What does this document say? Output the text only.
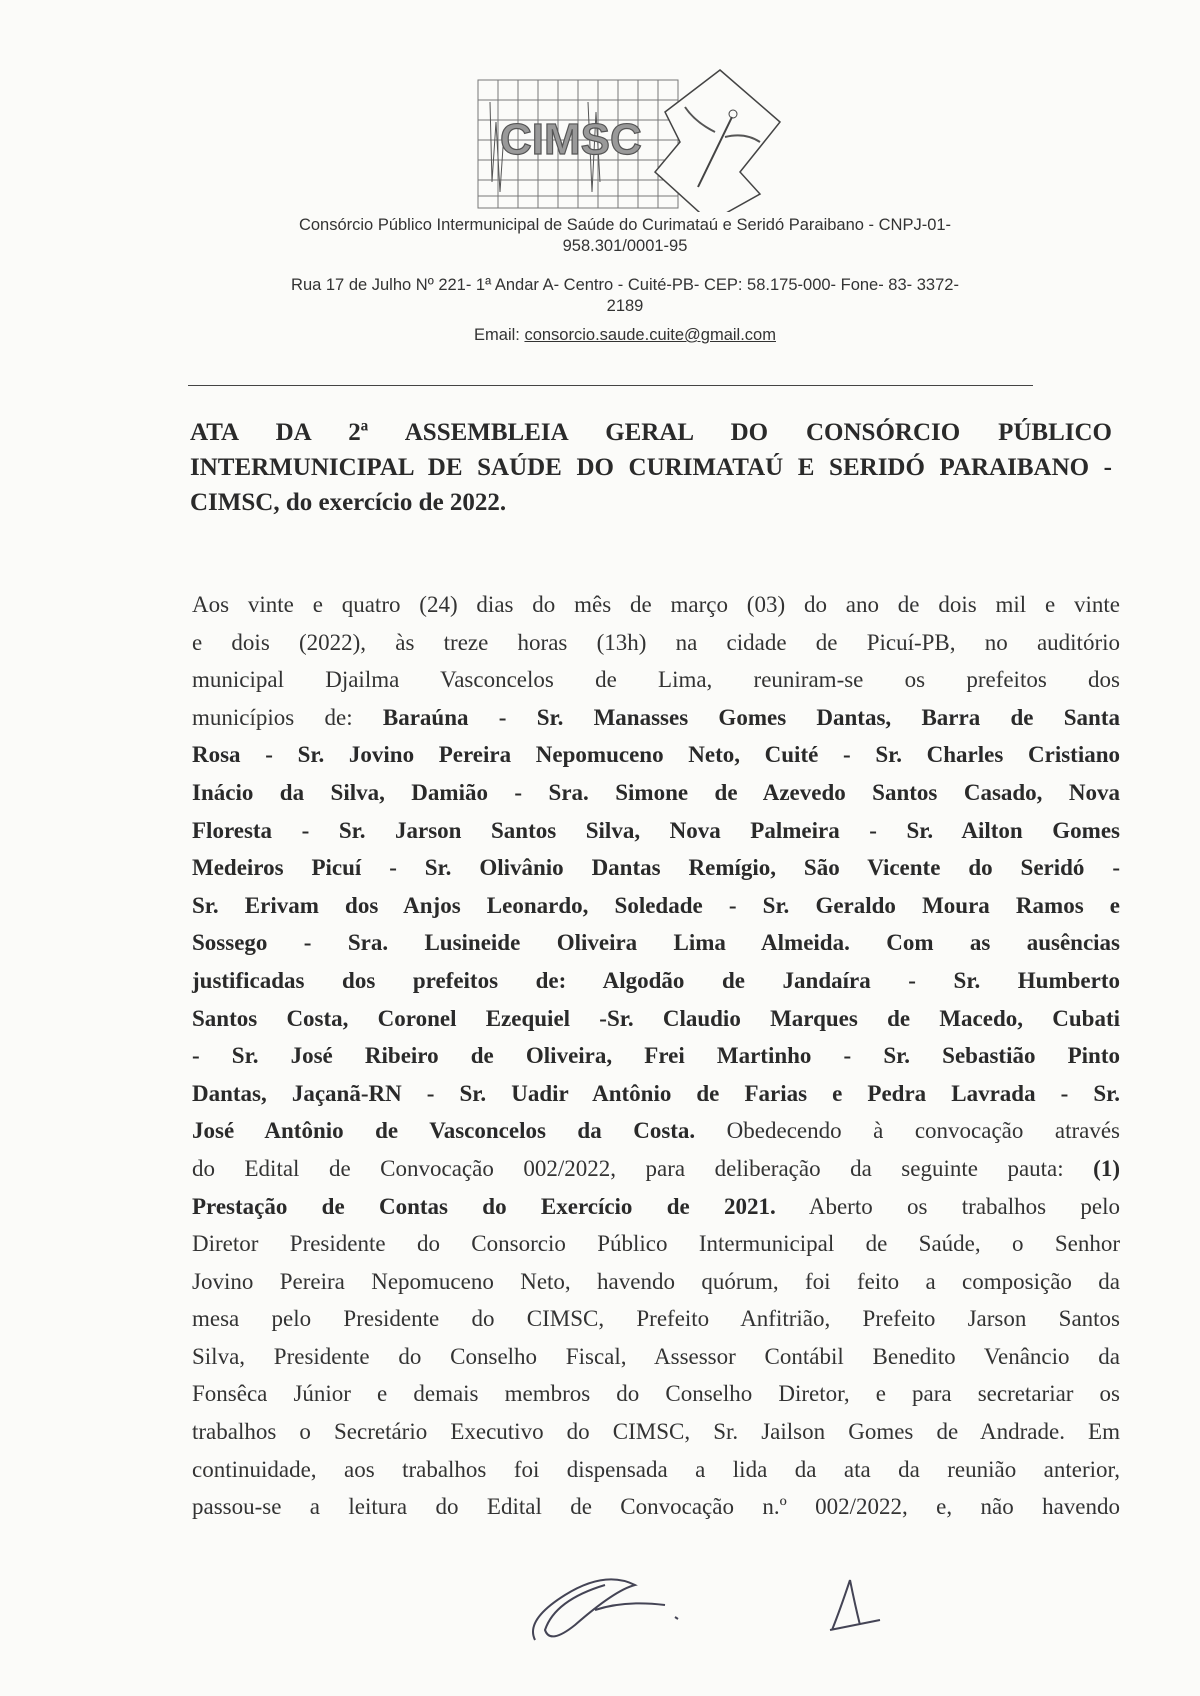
CIMSC
Consórcio Público Intermunicipal de Saúde do Curimataú e Seridó Paraibano - CNPJ-01-
958.301/0001-95
Rua 17 de Julho Nº 221- 1ª Andar A- Centro - Cuité-PB- CEP: 58.175-000- Fone- 83- 3372-
2189
Email: consorcio.saude.cuite@gmail.com
ATA DA 2ª ASSEMBLEIA GERAL DO CONSÓRCIO PÚBLICO
INTERMUNICIPAL DE SAÚDE DO CURIMATAÚ E SERIDÓ PARAIBANO -
CIMSC, do exercício de 2022.
Aos vinte e quatro (24) dias do mês de março (03) do ano de dois mil e vinte
e dois (2022), às treze horas (13h) na cidade de Picuí-PB, no auditório
municipal Djailma Vasconcelos de Lima, reuniram-se os prefeitos dos
municípios de: Baraúna - Sr. Manasses Gomes Dantas, Barra de Santa
Rosa - Sr. Jovino Pereira Nepomuceno Neto, Cuité - Sr. Charles Cristiano
Inácio da Silva, Damião - Sra. Simone de Azevedo Santos Casado, Nova
Floresta - Sr. Jarson Santos Silva, Nova Palmeira - Sr. Ailton Gomes
Medeiros Picuí - Sr. Olivânio Dantas Remígio, São Vicente do Seridó -
Sr. Erivam dos Anjos Leonardo, Soledade - Sr. Geraldo Moura Ramos e
Sossego - Sra. Lusineide Oliveira Lima Almeida. Com as ausências
justificadas dos prefeitos de: Algodão de Jandaíra - Sr. Humberto
Santos Costa, Coronel Ezequiel -Sr. Claudio Marques de Macedo, Cubati
- Sr. José Ribeiro de Oliveira, Frei Martinho - Sr. Sebastião Pinto
Dantas, Jaçanã-RN - Sr. Uadir Antônio de Farias e Pedra Lavrada - Sr.
José Antônio de Vasconcelos da Costa. Obedecendo à convocação através
do Edital de Convocação 002/2022, para deliberação da seguinte pauta: (1)
Prestação de Contas do Exercício de 2021. Aberto os trabalhos pelo
Diretor Presidente do Consorcio Público Intermunicipal de Saúde, o Senhor
Jovino Pereira Nepomuceno Neto, havendo quórum, foi feito a composição da
mesa pelo Presidente do CIMSC, Prefeito Anfitrião, Prefeito Jarson Santos
Silva, Presidente do Conselho Fiscal, Assessor Contábil Benedito Venâncio da
Fonsêca Júnior e demais membros do Conselho Diretor, e para secretariar os
trabalhos o Secretário Executivo do CIMSC, Sr. Jailson Gomes de Andrade. Em
continuidade, aos trabalhos foi dispensada a lida da ata da reunião anterior,
passou-se a leitura do Edital de Convocação n.º 002/2022, e, não havendo
